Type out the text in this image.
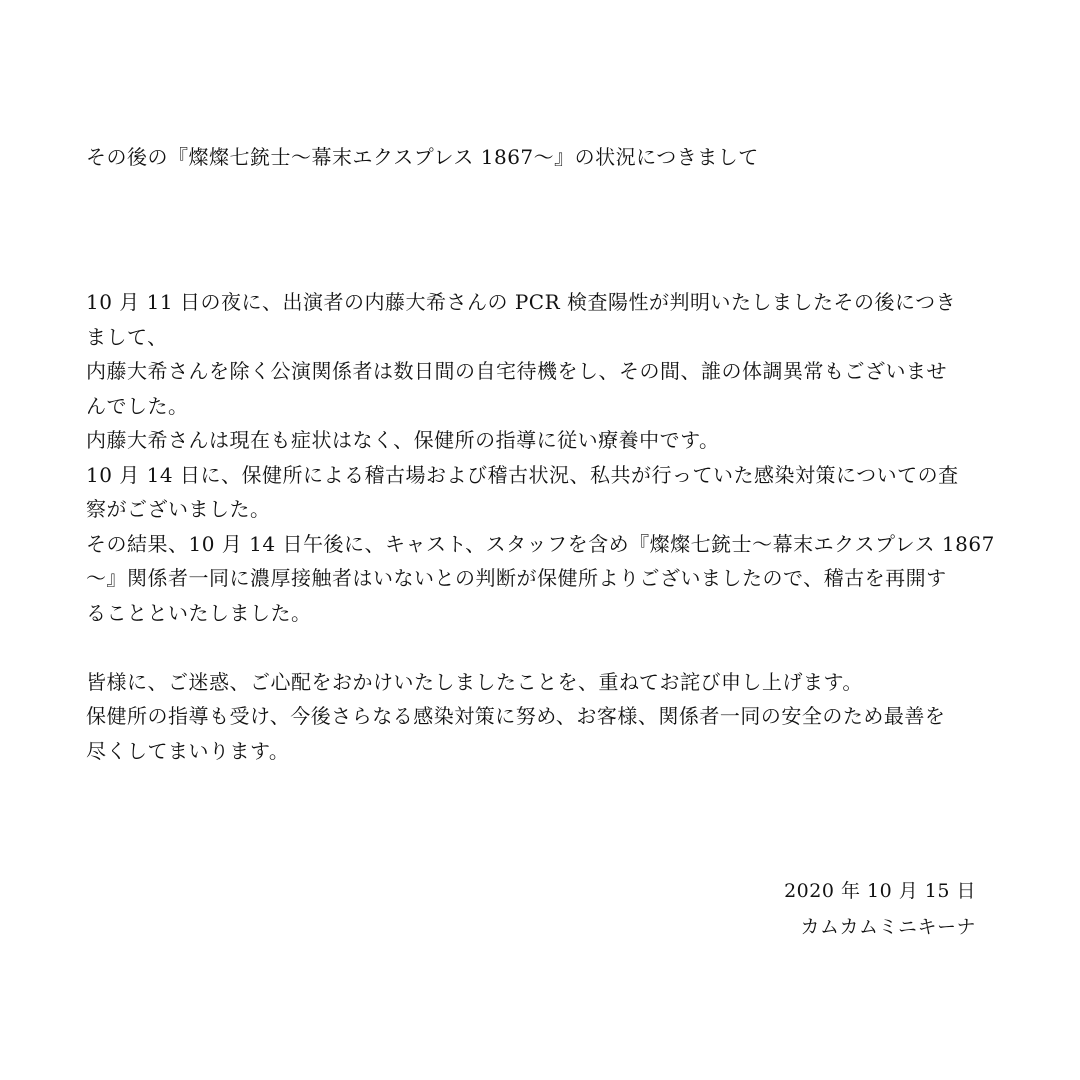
その後の『燦燦七銃士〜幕末エクスプレス 1867〜』の状況につきまして
10 月 11 日の夜に、出演者の内藤大希さんの PCR 検査陽性が判明いたしましたその後につき
まして、
内藤大希さんを除く公演関係者は数日間の自宅待機をし、その間、誰の体調異常もございませ
んでした。
内藤大希さんは現在も症状はなく、保健所の指導に従い療養中です。
10 月 14 日に、保健所による稽古場および稽古状況、私共が行っていた感染対策についての査
察がございました。
その結果、10 月 14 日午後に、キャスト、スタッフを含め『燦燦七銃士〜幕末エクスプレス 1867
〜』関係者一同に濃厚接触者はいないとの判断が保健所よりございましたので、稽古を再開す
ることといたしました。
皆様に、ご迷惑、ご心配をおかけいたしましたことを、重ねてお詫び申し上げます。
保健所の指導も受け、今後さらなる感染対策に努め、お客様、関係者一同の安全のため最善を
尽くしてまいります。
2020 年 10 月 15 日
カムカムミニキーナ
